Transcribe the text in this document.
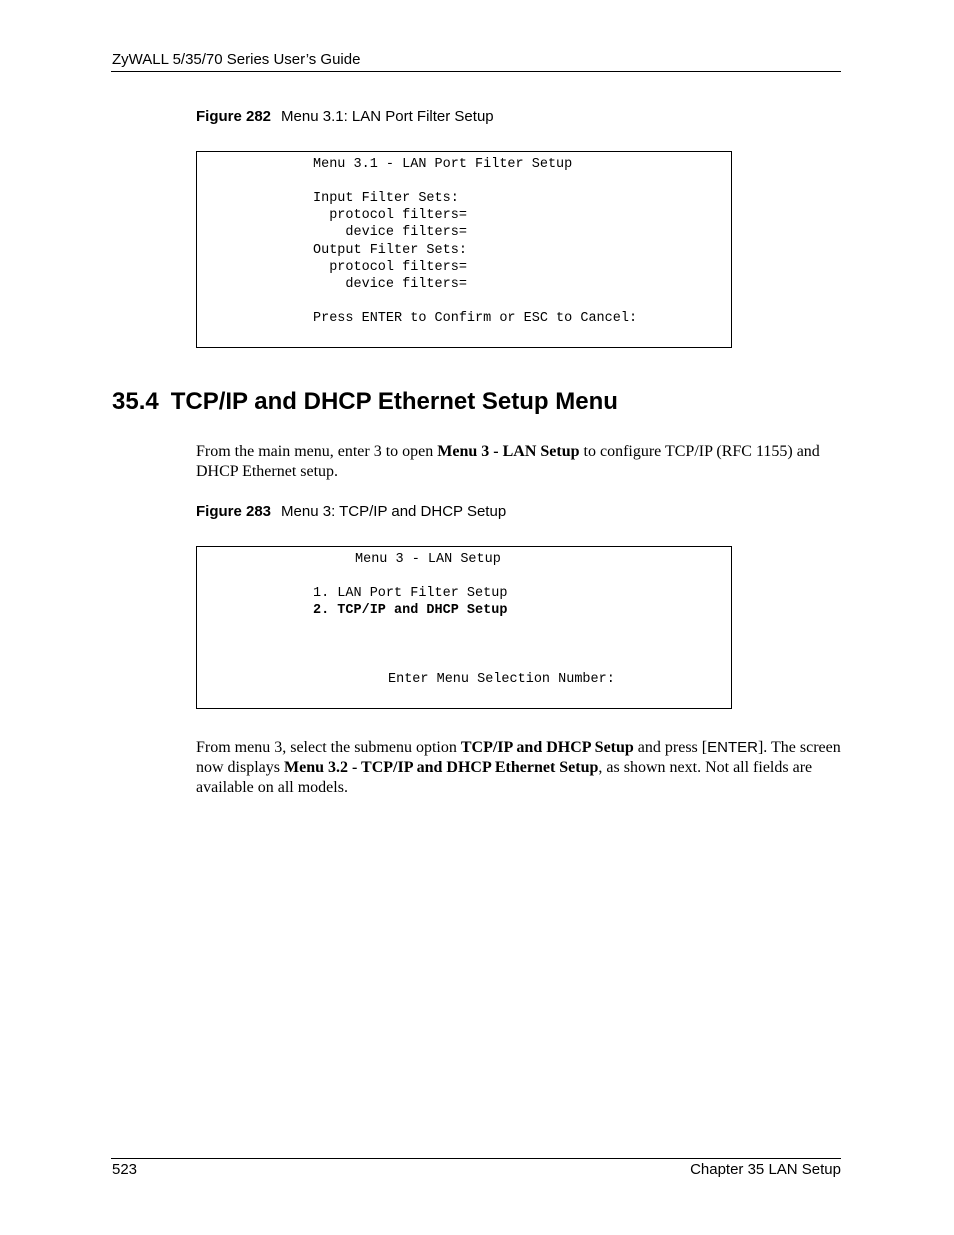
ZyWALL 5/35/70 Series User’s Guide
Figure 282 Menu 3.1: LAN Port Filter Setup
Menu 3.1 - LAN Port Filter Setup
Input Filter Sets:
protocol filters=
device filters=
Output Filter Sets:
protocol filters=
device filters=
Press ENTER to Confirm or ESC to Cancel:
35.4 TCP/IP and DHCP Ethernet Setup Menu

From the main menu, enter 3 to open Menu 3 - LAN Setup to configure TCP/IP (RFC 1155) and DHCP Ethernet setup.

Figure 283 Menu 3: TCP/IP and DHCP Setup
Menu 3 - LAN Setup
1. LAN Port Filter Setup
2. TCP/IP and DHCP Setup
Enter Menu Selection Number:

From menu 3, select the submenu option TCP/IP and DHCP Setup and press [ENTER]. The screen now displays Menu 3.2 - TCP/IP and DHCP Ethernet Setup, as shown next. Not all fields are available on all models.

523	Chapter 35 LAN Setup
